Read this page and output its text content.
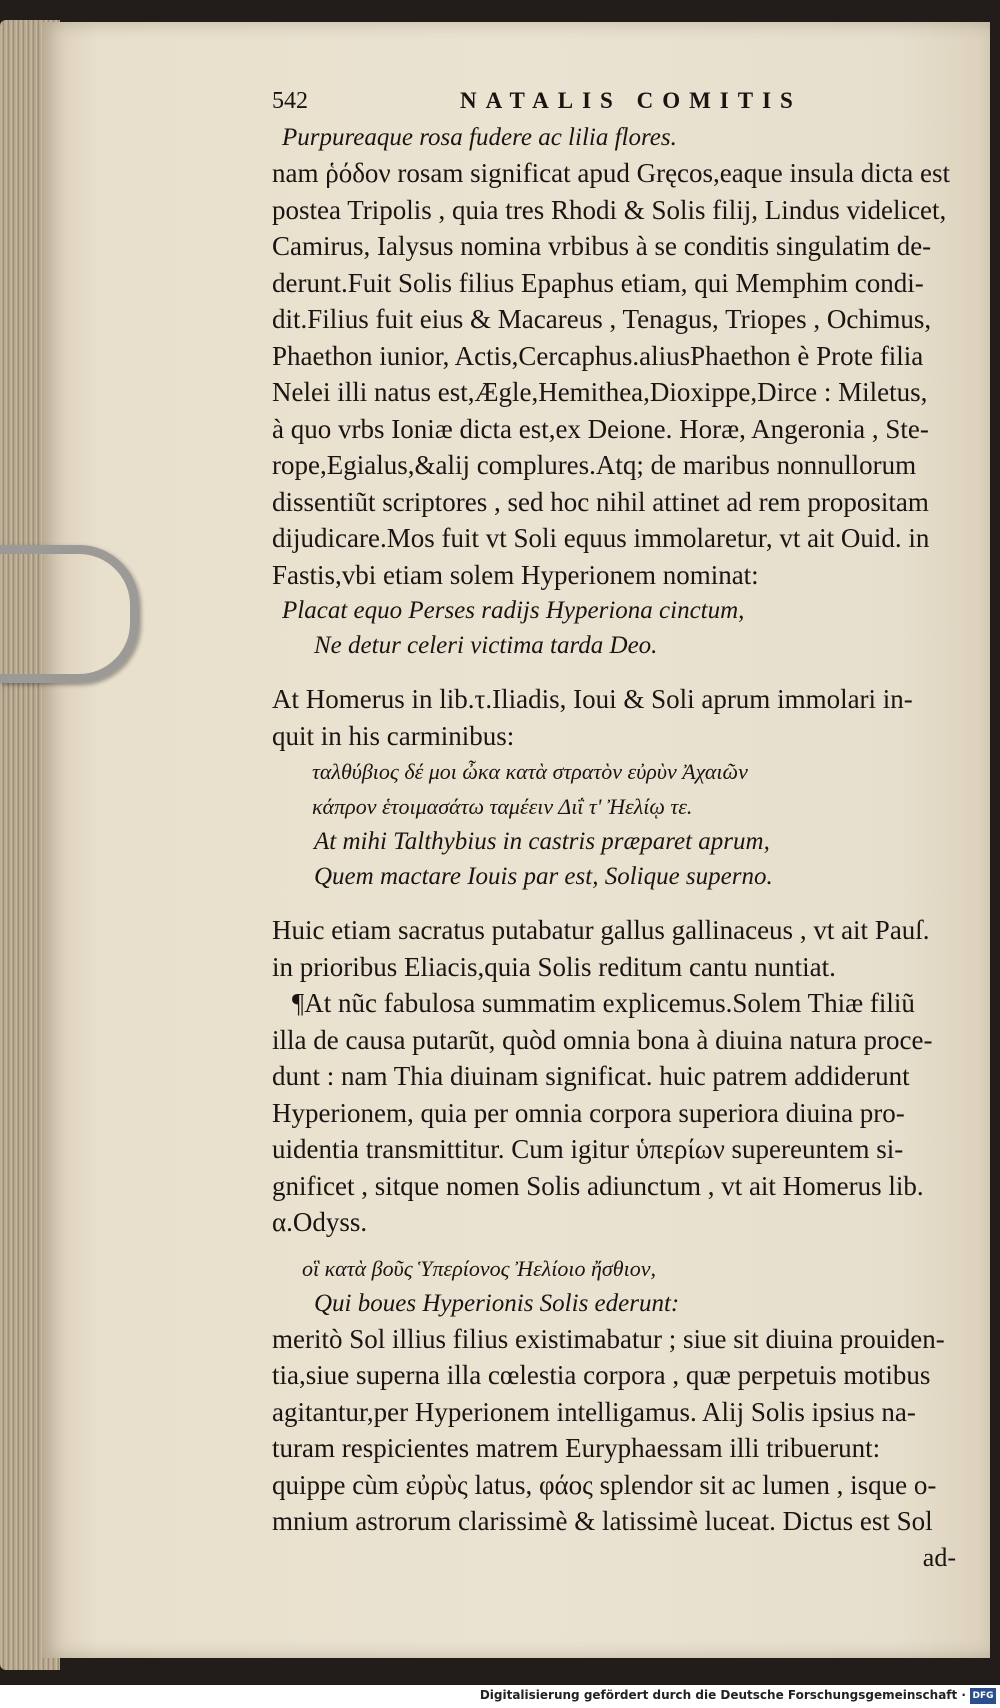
542	NATALIS COMITIS
Purpureaque rosa fudere ac lilia flores.
nam ῥόδον rosam significat apud Gręcos,eaque insula dicta est
postea Tripolis , quia tres Rhodi & Solis filij, Lindus videlicet,
Camirus, Ialysus nomina vrbibus à se conditis singulatim de-
derunt.Fuit Solis filius Epaphus etiam, qui Memphim condi-
dit.Filius fuit eius & Macareus , Tenagus, Triopes , Ochimus,
Phaethon iunior, Actis,Cercaphus.aliusPhaethon è Prote filia
Nelei illi natus est,Ægle,Hemithea,Dioxippe,Dirce : Miletus,
à quo vrbs Ioniæ dicta est,ex Deione. Horæ, Angeronia , Ste-
rope,Egialus,&alij complures.Atq; de maribus nonnullorum
dissentiũt scriptores , sed hoc nihil attinet ad rem propositam
dijudicare.Mos fuit vt Soli equus immolaretur, vt ait Ouid. in
Fastis,vbi etiam solem Hyperionem nominat:
Placat equo Perses radijs Hyperiona cinctum,
Ne detur celeri victima tarda Deo.
At Homerus in lib.τ.Iliadis, Ioui & Soli aprum immolari in-
quit in his carminibus:
ταλθύβιος δέ μοι ὦκα κατὰ στρατὸν εὐρὺν Ἀχαιῶν
κάπρον ἑτοιμασάτω ταμέειν Διΐ τ' Ἠελίῳ τε.
At mihi Talthybius in castris præparet aprum,
Quem mactare Iouis par est, Solique superno.
Huic etiam sacratus putabatur gallus gallinaceus , vt ait Pauſ.
in prioribus Eliacis,quia Solis reditum cantu nuntiat.
¶At nũc fabulosa summatim explicemus.Solem Thiæ filiũ
illa de causa putarũt, quòd omnia bona à diuina natura proce-
dunt : nam Thia diuinam significat. huic patrem addiderunt
Hyperionem, quia per omnia corpora superiora diuina pro-
uidentia transmittitur. Cum igitur ὑπερίων supereuntem si-
gnificet , sitque nomen Solis adiunctum , vt ait Homerus lib.
α.Odyss.
οἳ κατὰ βοῦς Ὑπερίονος Ἠελίοιο ἤσθιον,
Qui boues Hyperionis Solis ederunt:
meritò Sol illius filius existimabatur ; siue sit diuina prouiden-
tia,siue superna illa cœlestia corpora , quæ perpetuis motibus
agitantur,per Hyperionem intelligamus. Alij Solis ipsius na-
turam respicientes matrem Euryphaessam illi tribuerunt:
quippe cùm εὐρὺς latus, φάος splendor sit ac lumen , isque o-
mnium astrorum clarissimè & latissimè luceat. Dictus est Sol
ad-
Digitalisierung gefördert durch die Deutsche Forschungsgemeinschaft · DFG
